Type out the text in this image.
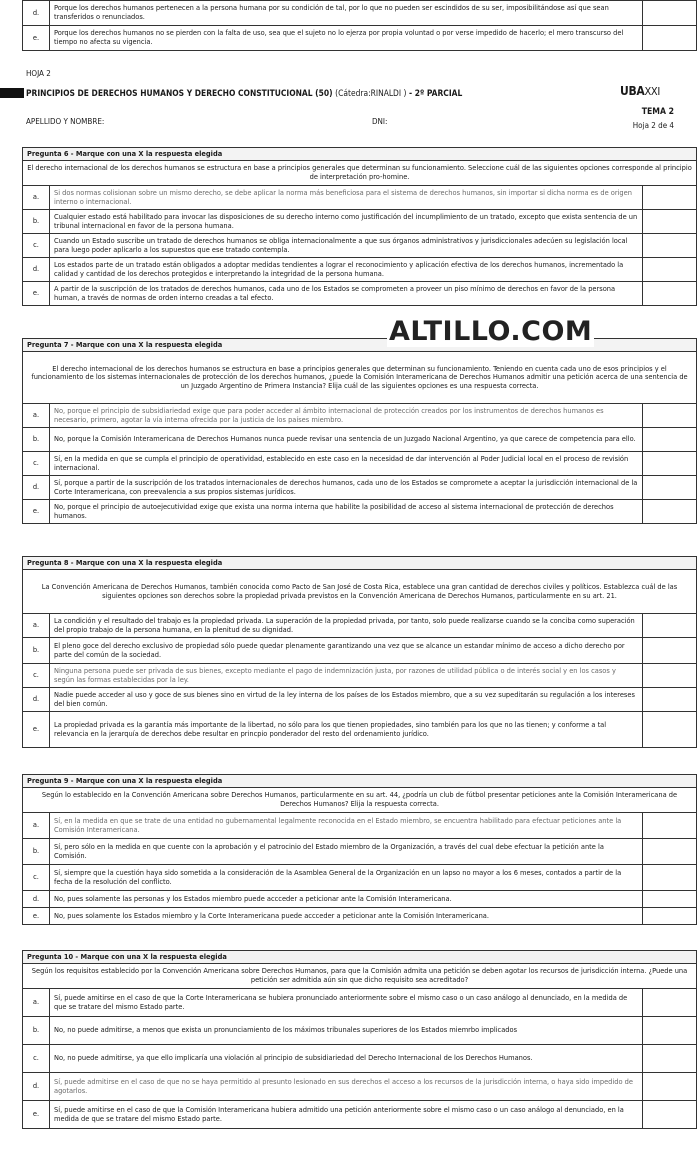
d.	Porque los derechos humanos pertenecen a la persona humana por su condición de tal, por lo que no pueden ser escindidos de su ser, imposibilitándose así que sean transferidos o renunciados.	
e.	Porque los derechos humanos no se pierden con la falta de uso, sea que el sujeto no lo ejerza por propia voluntad o por verse impedido de hacerlo; el mero transcurso del tiempo no afecta su vigencia.	
HOJA 2
PRINCIPIOS DE DERECHOS HUMANOS Y DERECHO CONSTITUCIONAL (50) (Cátedra:RINALDI ) - 2º PARCIAL	UBAXXI
APELLIDO Y NOMBRE:	DNI:
TEMA 2
Hoja 2 de 4
Pregunta 6 - Marque con una X la respuesta elegida		
El derecho internacional de los derechos humanos se estructura en base a principios generales que determinan su funcionamiento. Seleccione cuál de las siguientes opciones corresponde al principio de interpretación pro-homine.		
a.	Si dos normas colisionan sobre un mismo derecho, se debe aplicar la norma más beneficiosa para el sistema de derechos humanos, sin importar si dicha norma es de origen interno o internacional.	
b.	Cualquier estado está habilitado para invocar las disposiciones de su derecho interno como justificación del incumplimiento de un tratado, excepto que exista sentencia de un tribunal internacional en favor de la persona humana.	
c.	Cuando un Estado suscribe un tratado de derechos humanos se obliga internacionalmente a que sus órganos administrativos y jurisdiccionales adecúen su legislación local para luego poder aplicarlo a los supuestos que ese tratado contempla.	
d.	Los estados parte de un tratado están obligados a adoptar medidas tendientes a lograr el reconocimiento y aplicación efectiva de los derechos humanos, incrementado la calidad y cantidad de los derechos protegidos e interpretando la integridad de la persona humana.	
e.	A partir de la suscripción de los tratados de derechos humanos, cada uno de los Estados se comprometen a proveer un piso mínimo de derechos en favor de la persona human, a través de normas de orden interno creadas a tal efecto.	
Pregunta 7 - Marque con una X la respuesta elegida		
El derecho internacional de los derechos humanos se estructura en base a principios generales que determinan su funcionamiento. Teniendo en cuenta cada uno de esos principios y el funcionamiento de los sistemas internacionales de protección de los derechos humanos, ¿puede la Comisión Interamericana de Derechos Humanos admitir una petición acerca de una sentencia de un Juzgado Argentino de Primera Instancia? Elija cuál de las siguientes opciones es una respuesta correcta.		
a.	No, porque el principio de subsidiariedad exige que para poder acceder al ámbito internacional de protección creados por los instrumentos de derechos humanos es necesario, primero, agotar la vía interna ofrecida por la justicia de los países miembro.	
b.	No, porque la Comisión Interamericana de Derechos Humanos nunca puede revisar una sentencia de un Juzgado Nacional Argentino, ya que carece de competencia para ello.	
c.	Sí, en la medida en que se cumpla el principio de operatividad, establecido en este caso en la necesidad de dar intervención al Poder Judicial local en el proceso de revisión internacional.	
d.	Sí, porque a partir de la suscripción de los tratados internacionales de derechos humanos, cada uno de los Estados se compromete a aceptar la jurisdicción internacional de la Corte Interamericana, con preevalencia a sus propios sistemas jurídicos.	
e.	No, porque el principio de autoejecutividad exige que exista una norma interna que habilite la posibilidad de acceso al sistema internacional de protección de derechos humanos.	
ALTILLO.COM
Pregunta 8 - Marque con una X la respuesta elegida		
La Convención Americana de Derechos Humanos, también conocida como Pacto de San José de Costa Rica, establece una gran cantidad de derechos civiles y políticos. Establezca cuál de las siguientes opciones son derechos sobre la propiedad privada previstos en la Convención Americana de Derechos Humanos, particularmente en su art. 21.		
a.	La condición y el resultado del trabajo es la propiedad privada. La superación de la propiedad privada, por tanto, solo puede realizarse cuando se la conciba como superación del propio trabajo de la persona humana, en la plenitud de su dignidad.	
b.	El pleno goce del derecho exclusivo de propiedad sólo puede quedar plenamente garantizando una vez que se alcance un estandar mínimo de acceso a dicho derecho por parte del común de la sociedad.	
c.	Ninguna persona puede ser privada de sus bienes, excepto mediante el pago de indemnización justa, por razones de utilidad pública o de interés social y en los casos y según las formas establecidas por la ley.	
d.	Nadie puede acceder al uso y goce de sus bienes sino en virtud de la ley interna de los países de los Estados miembro, que a su vez supeditarán su regulación a los intereses del bien común.	
e.	La propiedad privada es la garantía más importante de la libertad, no sólo para los que tienen propiedades, sino también para los que no las tienen; y conforme a tal relevancia en la jerarquía de derechos debe resultar en princpio ponderador del resto del ordenamiento jurídico.	
Pregunta 9 - Marque con una X la respuesta elegida		
Según lo establecido en la Convención Americana sobre Derechos Humanos, particularmente en su art. 44, ¿podría un club de fútbol presentar peticiones ante la Comisión Interamericana de Derechos Humanos? Elija la respuesta correcta.		
a.	Sí, en la medida en que se trate de una entidad no gubernamental legalmente reconocida en el Estado miembro, se encuentra habilitado para efectuar peticiones ante la Comisión Interamericana.	
b.	Sí, pero sólo en la medida en que cuente con la aprobación y el patrocinio del Estado miembro de la Organización, a través del cual debe efectuar la petición ante la Comisión.	
c.	Sí, siempre que la cuestión haya sido sometida a la consideración de la Asamblea General de la Organización en un lapso no mayor a los 6 meses, contados a partir de la fecha de la resolución del conflicto.	
d.	No, pues solamente las personas y los Estados miembro puede accceder a peticionar ante la Comisión Interamericana.	
e.	No, pues solamente los Estados miembro y la Corte Interamericana puede accceder a peticionar ante la Comisión Interamericana.	
Pregunta 10 - Marque con una X la respuesta elegida		
Según los requisitos establecido por la Convención Americana sobre Derechos Humanos, para que la Comisión admita una petición se deben agotar los recursos de jurisdicción interna. ¿Puede una petición ser admitida aún sin que dicho requisito sea acreditado?		
a.	Sí, puede amitirse en el caso de que la Corte Interamericana se hubiera pronunciado anteriormente sobre el mismo caso o un caso análogo al denunciado, en la medida de que se tratare del mismo Estado parte.	
b.	No, no puede admitirse, a menos que exista un pronunciamiento de los máximos tribunales superiores de los Estados miemrbo implicados	
c.	No, no puede admitirse, ya que ello implicaría una violación al principio de subsidiariedad del Derecho Internacional de los Derechos Humanos.	
d.	Sí, puede admitirse en el caso de que no se haya permitido al presunto lesionado en sus derechos el acceso a los recursos de la jurisdicción interna, o haya sido impedido de agotarlos.	
e.	Sí, puede amitirse en el caso de que la Comisión Interamericana hubiera admitido una petición anteriormente sobre el mismo caso o un caso análogo al denunciado, en la medida de que se tratare del mismo Estado parte.	
